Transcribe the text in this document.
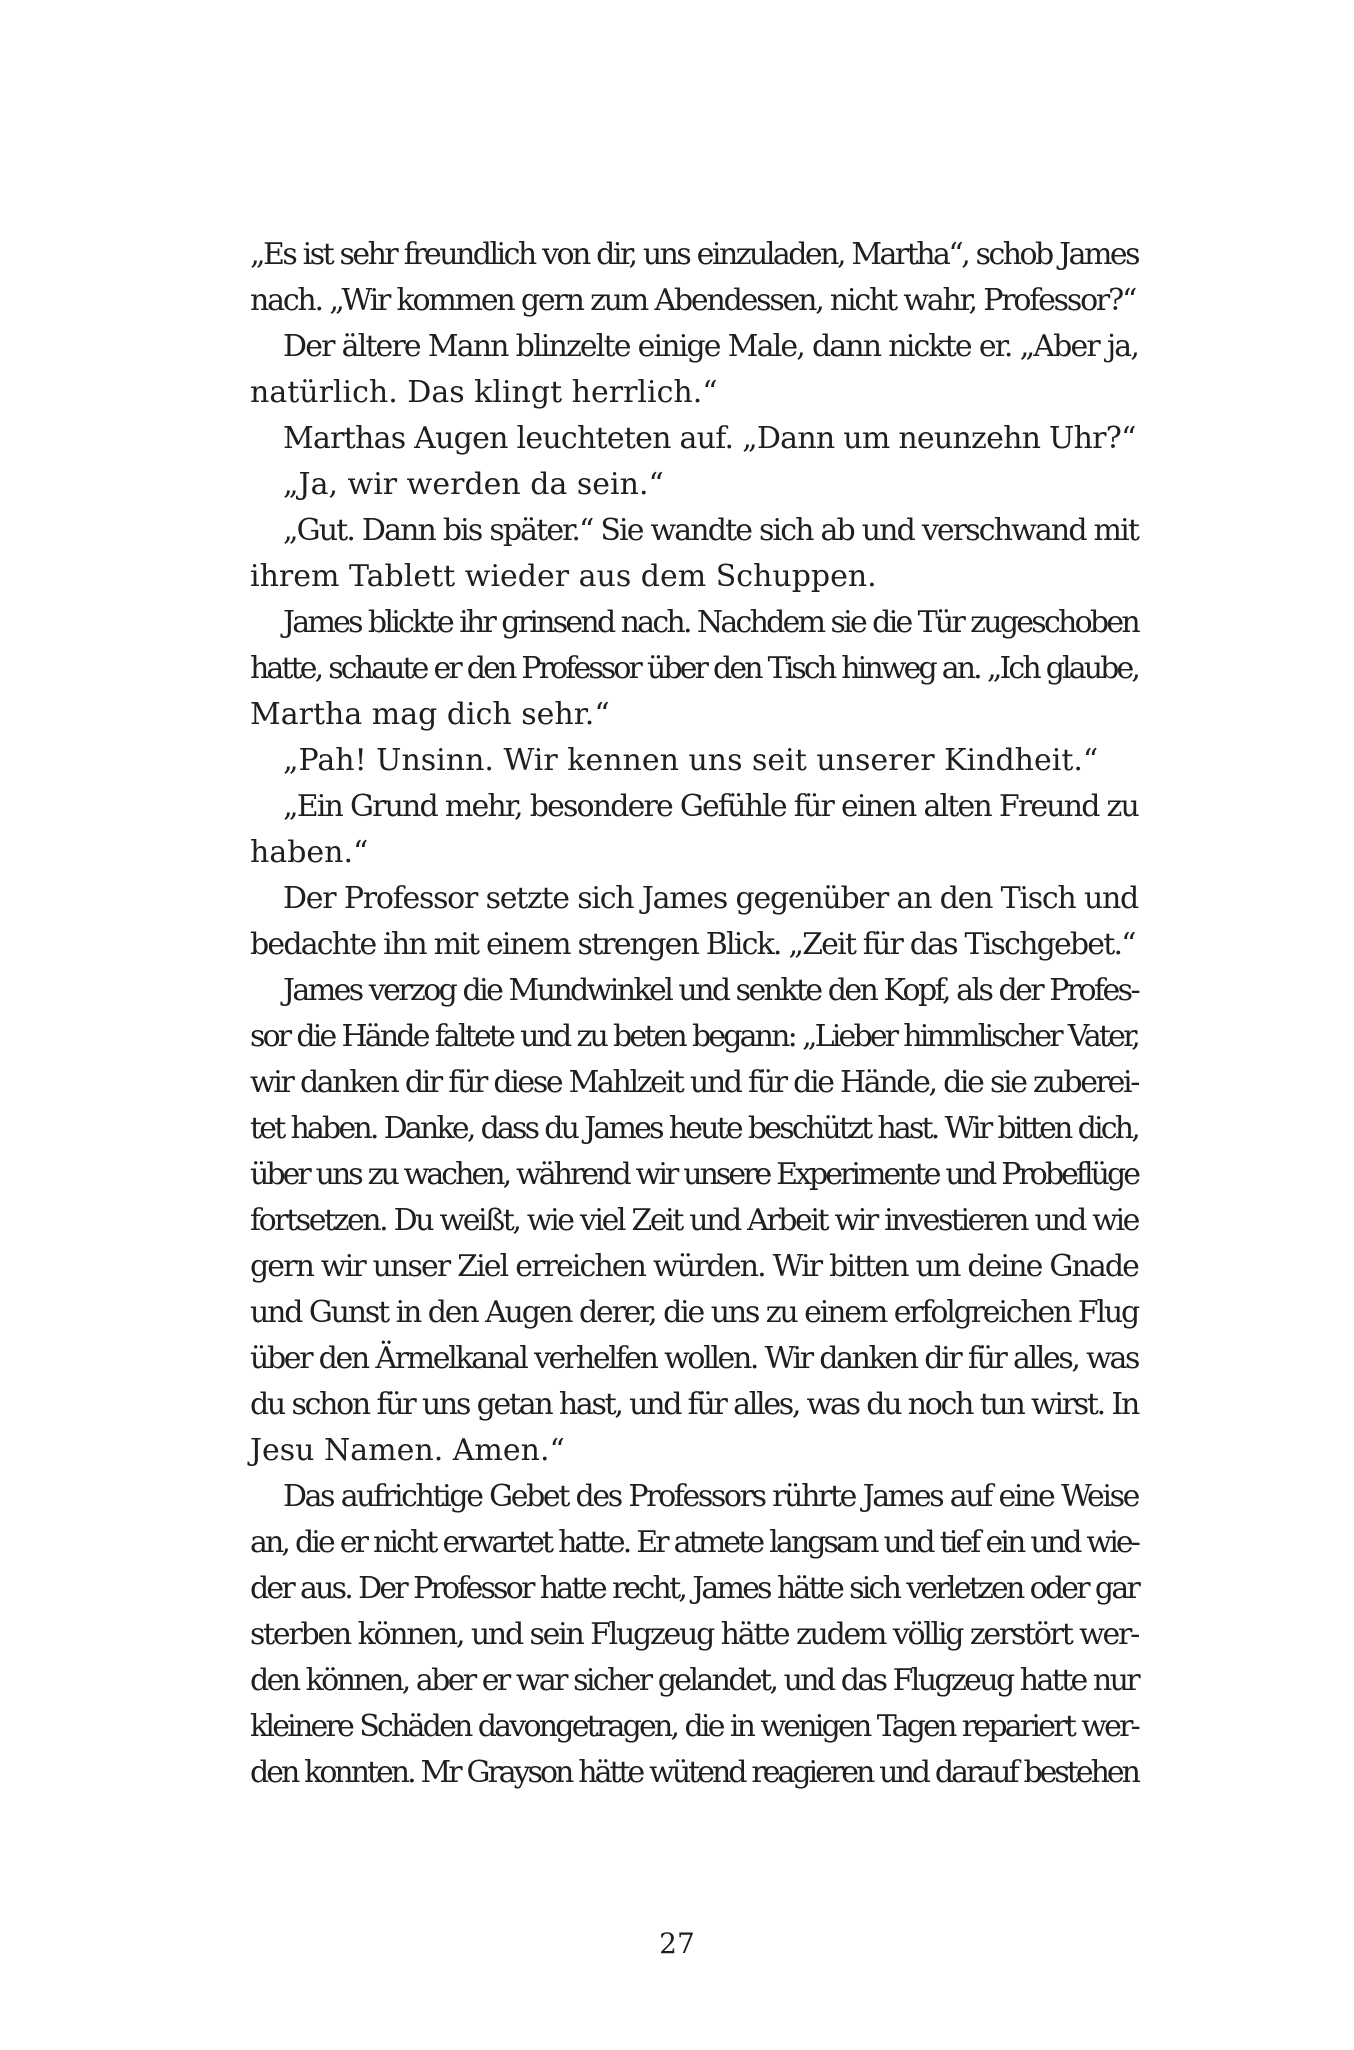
„Es ist sehr freundlich von dir, uns einzuladen, Martha“, schob James
nach. „Wir kommen gern zum Abendessen, nicht wahr, Professor?“
Der ältere Mann blinzelte einige Male, dann nickte er. „Aber ja,
natürlich. Das klingt herrlich.“
Marthas Augen leuchteten auf. „Dann um neunzehn Uhr?“
„Ja, wir werden da sein.“
„Gut. Dann bis später.“ Sie wandte sich ab und verschwand mit
ihrem Tablett wieder aus dem Schuppen.
James blickte ihr grinsend nach. Nachdem sie die Tür zugeschoben
hatte, schaute er den Professor über den Tisch hinweg an. „Ich glaube,
Martha mag dich sehr.“
„Pah! Unsinn. Wir kennen uns seit unserer Kindheit.“
„Ein Grund mehr, besondere Gefühle für einen alten Freund zu
haben.“
Der Professor setzte sich James gegenüber an den Tisch und
bedachte ihn mit einem strengen Blick. „Zeit für das Tischgebet.“
James verzog die Mundwinkel und senkte den Kopf, als der Profes-
sor die Hände faltete und zu beten begann: „Lieber himmlischer Vater,
wir danken dir für diese Mahlzeit und für die Hände, die sie zuberei-
tet haben. Danke, dass du James heute beschützt hast. Wir bitten dich,
über uns zu wachen, während wir unsere Experimente und Probeflüge
fortsetzen. Du weißt, wie viel Zeit und Arbeit wir investieren und wie
gern wir unser Ziel erreichen würden. Wir bitten um deine Gnade
und Gunst in den Augen derer, die uns zu einem erfolgreichen Flug
über den Ärmelkanal verhelfen wollen. Wir danken dir für alles, was
du schon für uns getan hast, und für alles, was du noch tun wirst. In
Jesu Namen. Amen.“
Das aufrichtige Gebet des Professors rührte James auf eine Weise
an, die er nicht erwartet hatte. Er atmete langsam und tief ein und wie-
der aus. Der Professor hatte recht, James hätte sich verletzen oder gar
sterben können, und sein Flugzeug hätte zudem völlig zerstört wer-
den können, aber er war sicher gelandet, und das Flugzeug hatte nur
kleinere Schäden davongetragen, die in wenigen Tagen repariert wer-
den konnten. Mr Grayson hätte wütend reagieren und darauf bestehen
27
